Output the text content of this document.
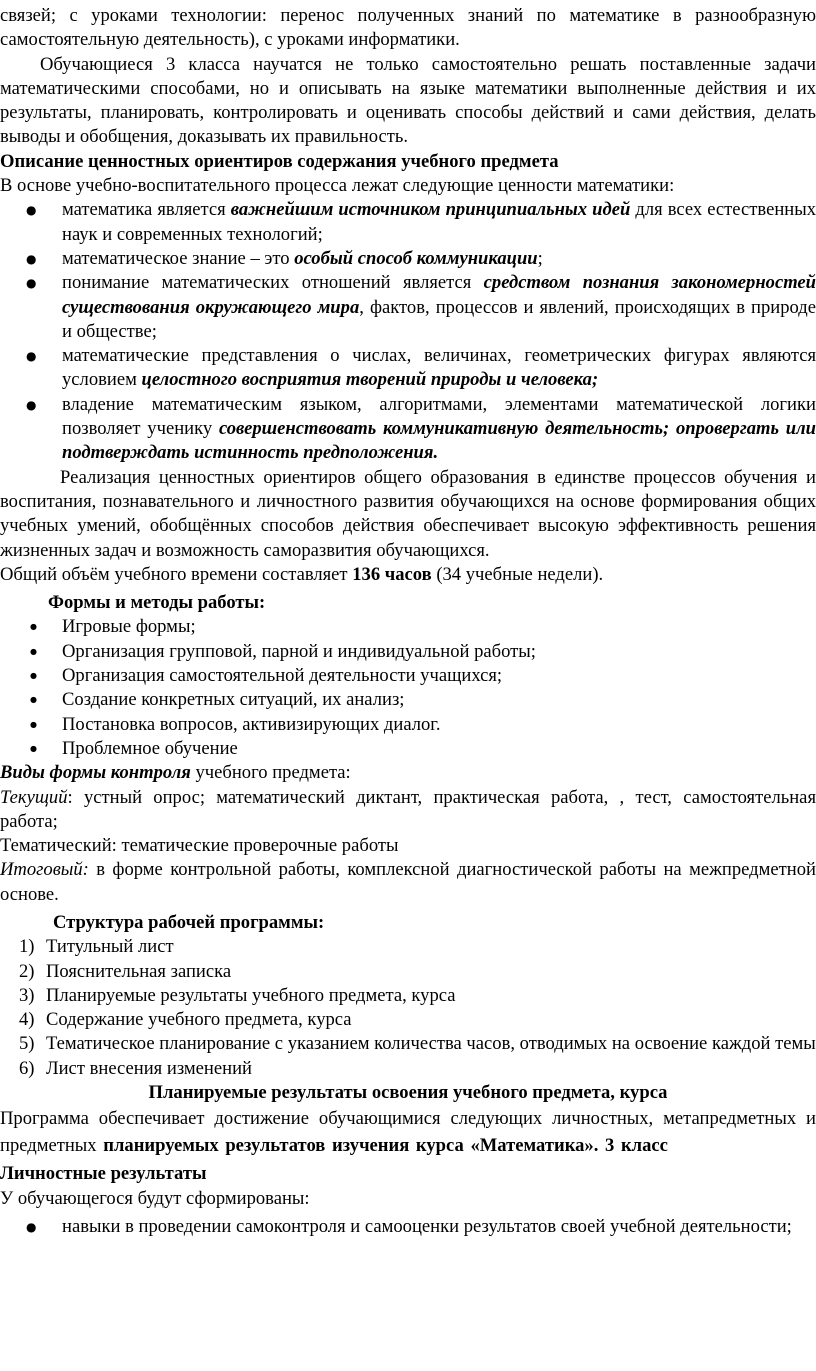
связей; с уроками технологии: перенос полученных знаний по математике в разнообразную самостоятельную деятельность), с уроками информатики.

Обучающиеся 3 класса научатся не только самостоятельно решать поставленные задачи математическими способами, но и описывать на языке математики выполненные действия и их результаты, планировать, контролировать и оценивать способы действий и сами действия, делать выводы и обобщения, доказывать их правильность.

Описание ценностных ориентиров содержания учебного предмета

В основе учебно-воспитательного процесса лежат следующие ценности математики:

● математика является важнейшим источником принципиальных идей для всех естественных наук и современных технологий;
● математическое знание – это особый способ коммуникации;
● понимание математических отношений является средством познания закономерностей существования окружающего мира, фактов, процессов и явлений, происходящих в природе и обществе;
● математические представления о числах, величинах, геометрических фигурах являются условием целостного восприятия творений природы и человека;
● владение математическим языком, алгоритмами, элементами математической логики позволяет ученику совершенствовать коммуникативную деятельность; опровергать или подтверждать истинность предположения.

Реализация ценностных ориентиров общего образования в единстве процессов обучения и воспитания, познавательного и личностного развития обучающихся на основе формирования общих учебных умений, обобщённых способов действия обеспечивает высокую эффективность решения жизненных задач и возможность саморазвития обучающихся.

Общий объём учебного времени составляет 136 часов (34 учебные недели).

Формы и методы работы:

● Игровые формы;
● Организация групповой, парной и индивидуальной работы;
● Организация самостоятельной деятельности учащихся;
● Создание конкретных ситуаций, их анализ;
● Постановка вопросов, активизирующих диалог.
● Проблемное обучение

Виды формы контроля учебного предмета:

Текущий: устный опрос; математический диктант, практическая работа, , тест, самостоятельная работа;

Тематический: тематические проверочные работы

Итоговый: в форме контрольной работы, комплексной диагностической работы на межпредметной основе.

Структура рабочей программы:

1) Титульный лист
2) Пояснительная записка
3) Планируемые результаты учебного предмета, курса
4) Содержание учебного предмета, курса
5) Тематическое планирование с указанием количества часов, отводимых на освоение каждой темы
6) Лист внесения изменений

Планируемые результаты освоения учебного предмета, курса

Программа обеспечивает достижение обучающимися следующих личностных, метапредметных и предметных планируемых результатов изучения курса «Математика». 3 класс

Личностные результаты

У обучающегося будут сформированы:

● навыки в проведении самоконтроля и самооценки результатов своей учебной деятельности;
